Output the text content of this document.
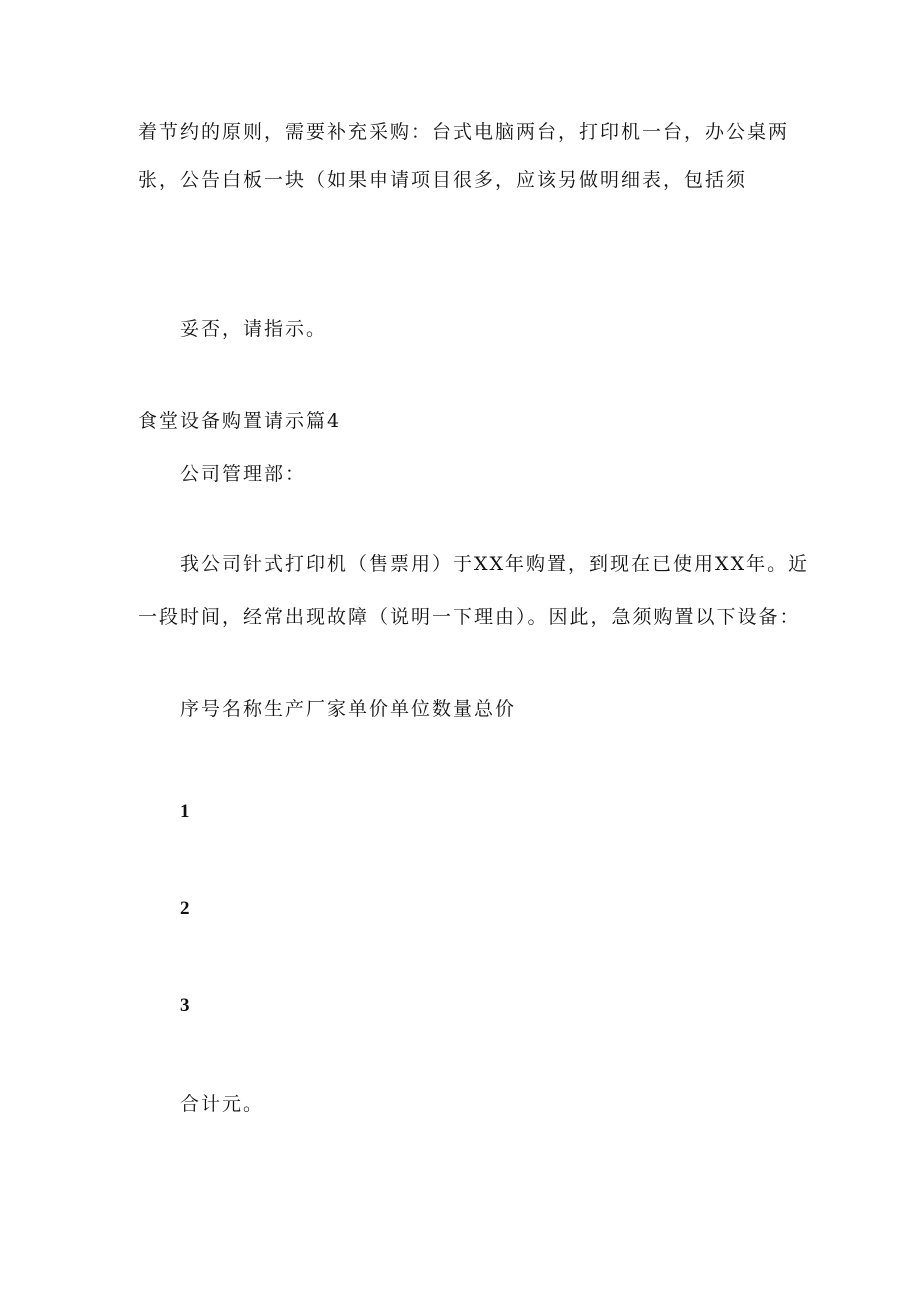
着节约的原则，需要补充采购：台式电脑两台，打印机一台，办公桌两
张，公告白板一块（如果申请项目很多，应该另做明细表，包括须
妥否，请指示。
食堂设备购置请示篇4
公司管理部：
我公司针式打印机（售票用）于XX年购置，到现在已使用XX年。近
一段时间，经常出现故障（说明一下理由）。因此，急须购置以下设备：
序号名称生产厂家单价单位数量总价
1
2
3
合计元。
